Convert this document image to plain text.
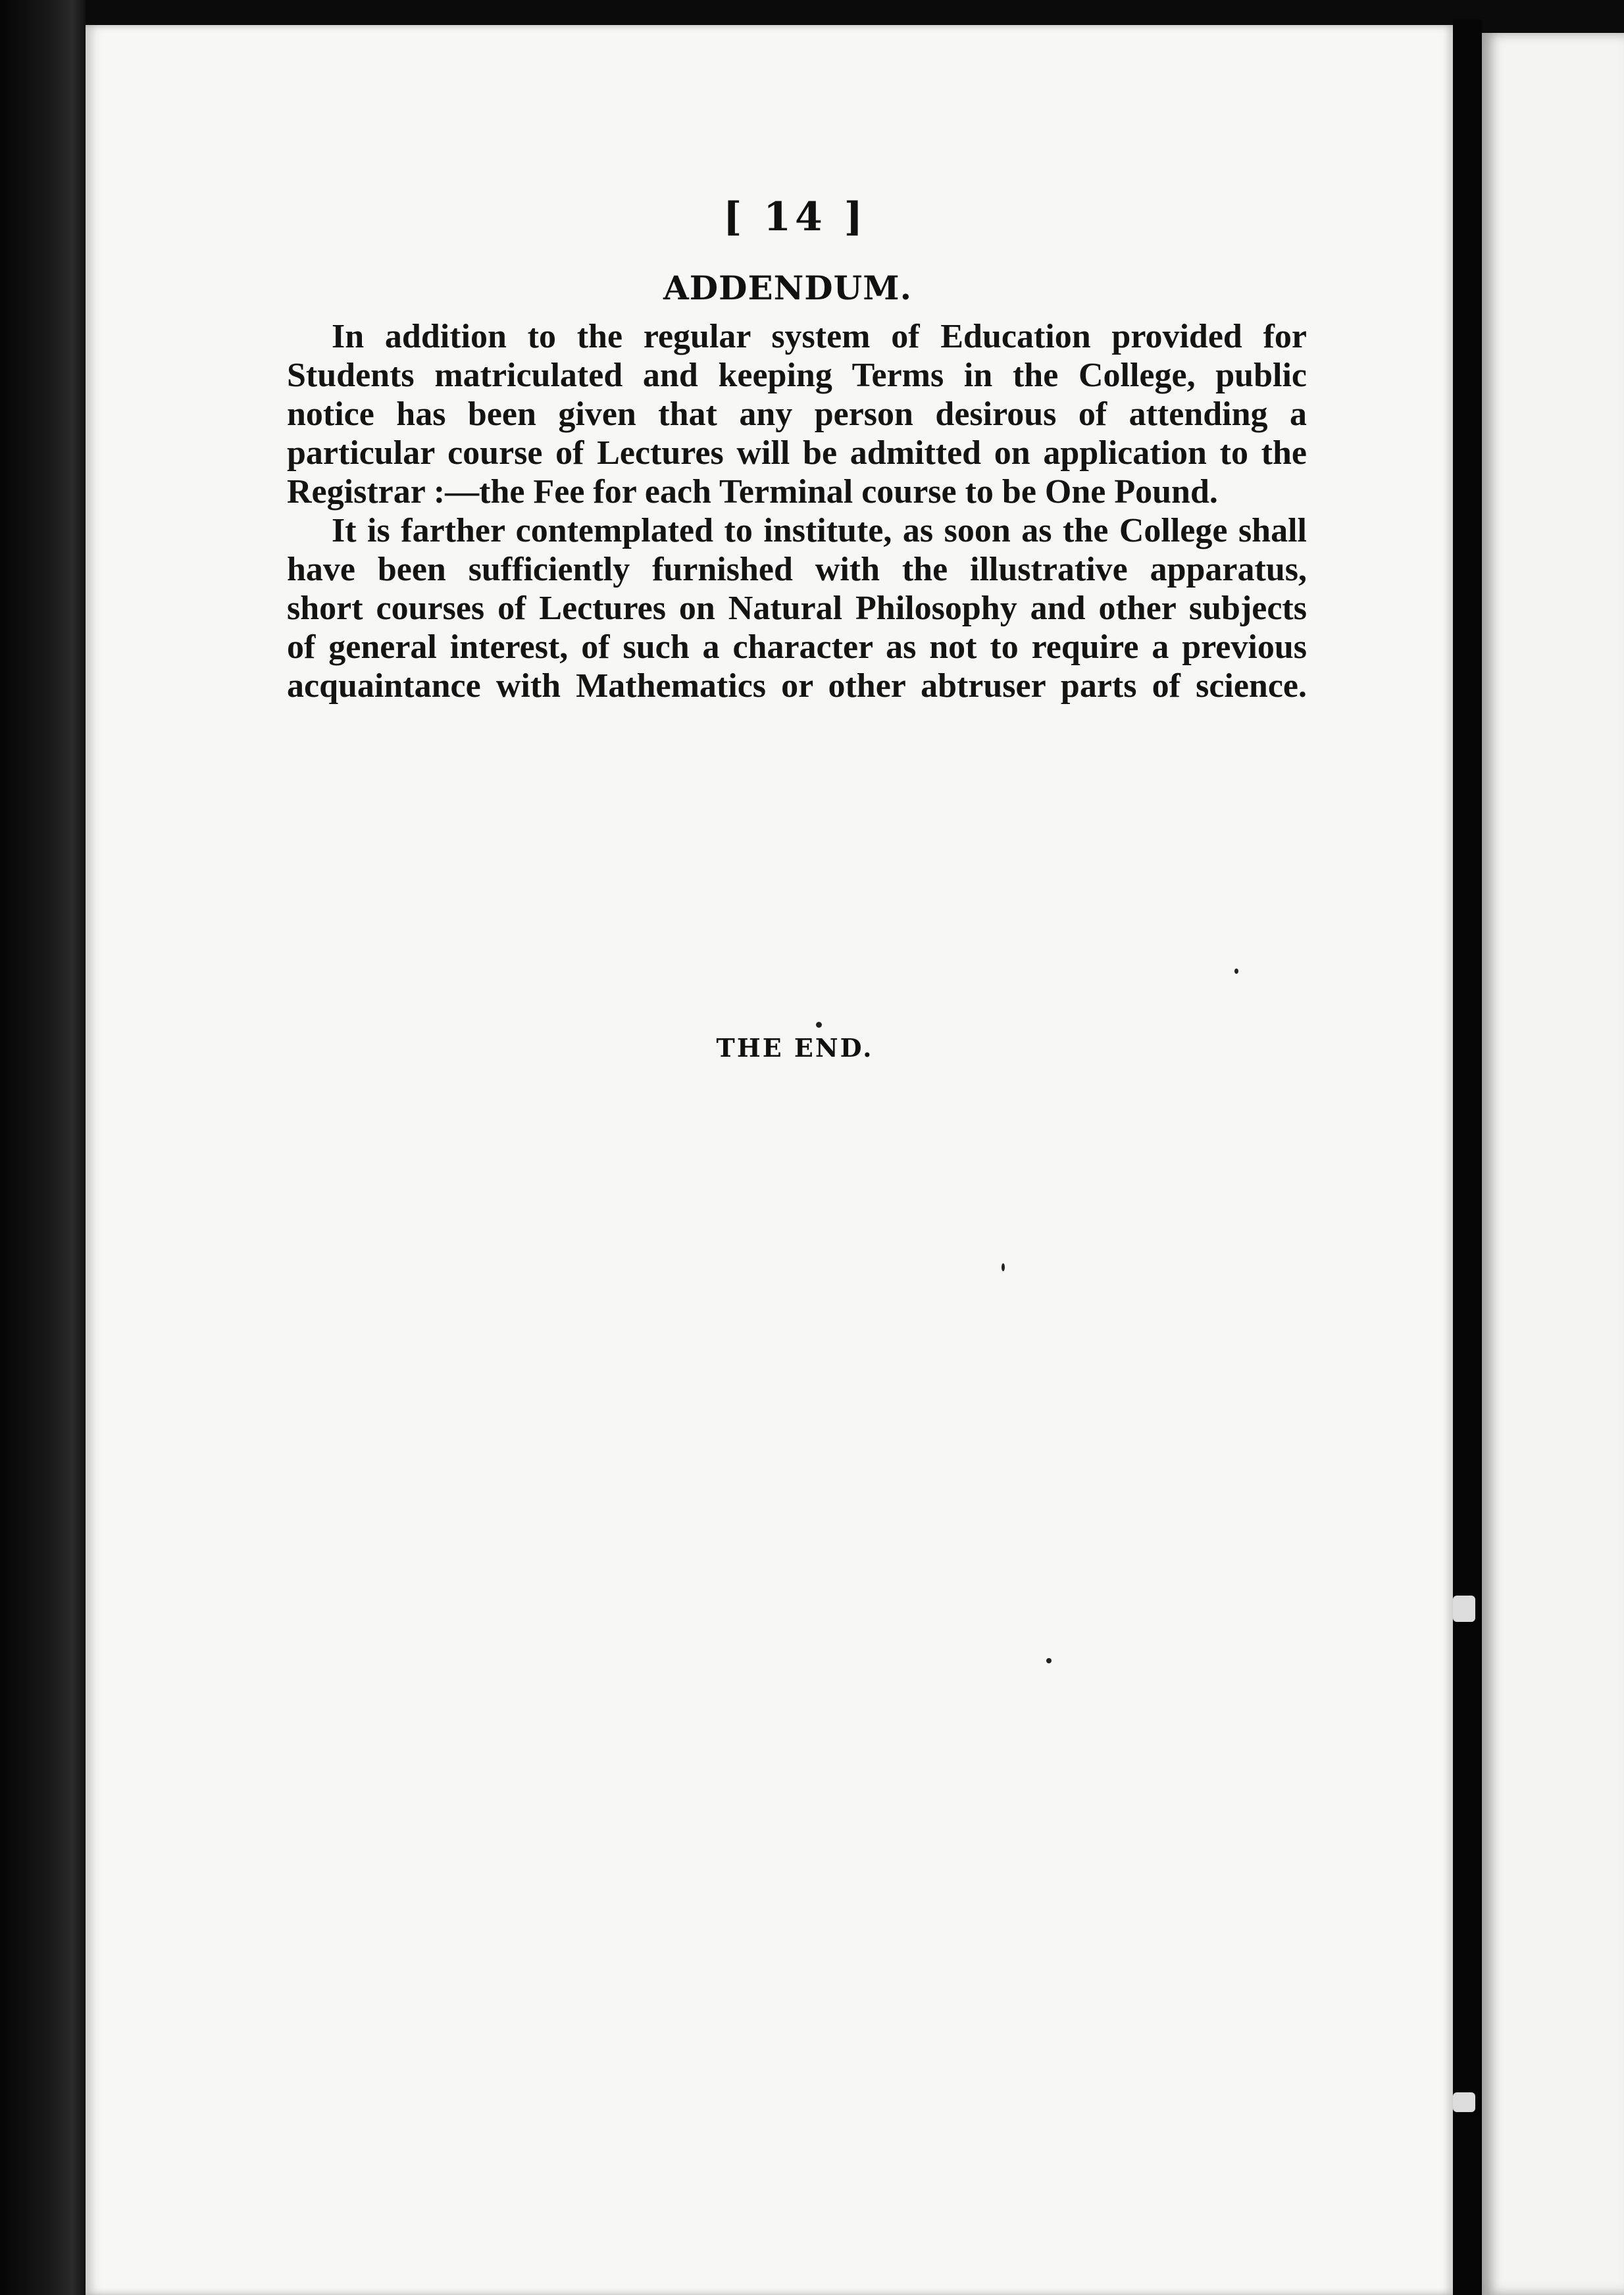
[ 14 ]
ADDENDUM.
In addition to the regular system of Education provided for
Students matriculated and keeping Terms in the College, public
notice has been given that any person desirous of attending a
particular course of Lectures will be admitted on application to the
Registrar :—the Fee for each Terminal course to be One Pound.
It is farther contemplated to institute, as soon as the College shall
have been sufficiently furnished with the illustrative apparatus,
short courses of Lectures on Natural Philosophy and other subjects
of general interest, of such a character as not to require a previous
acquaintance with Mathematics or other abtruser parts of science.
THE END.
